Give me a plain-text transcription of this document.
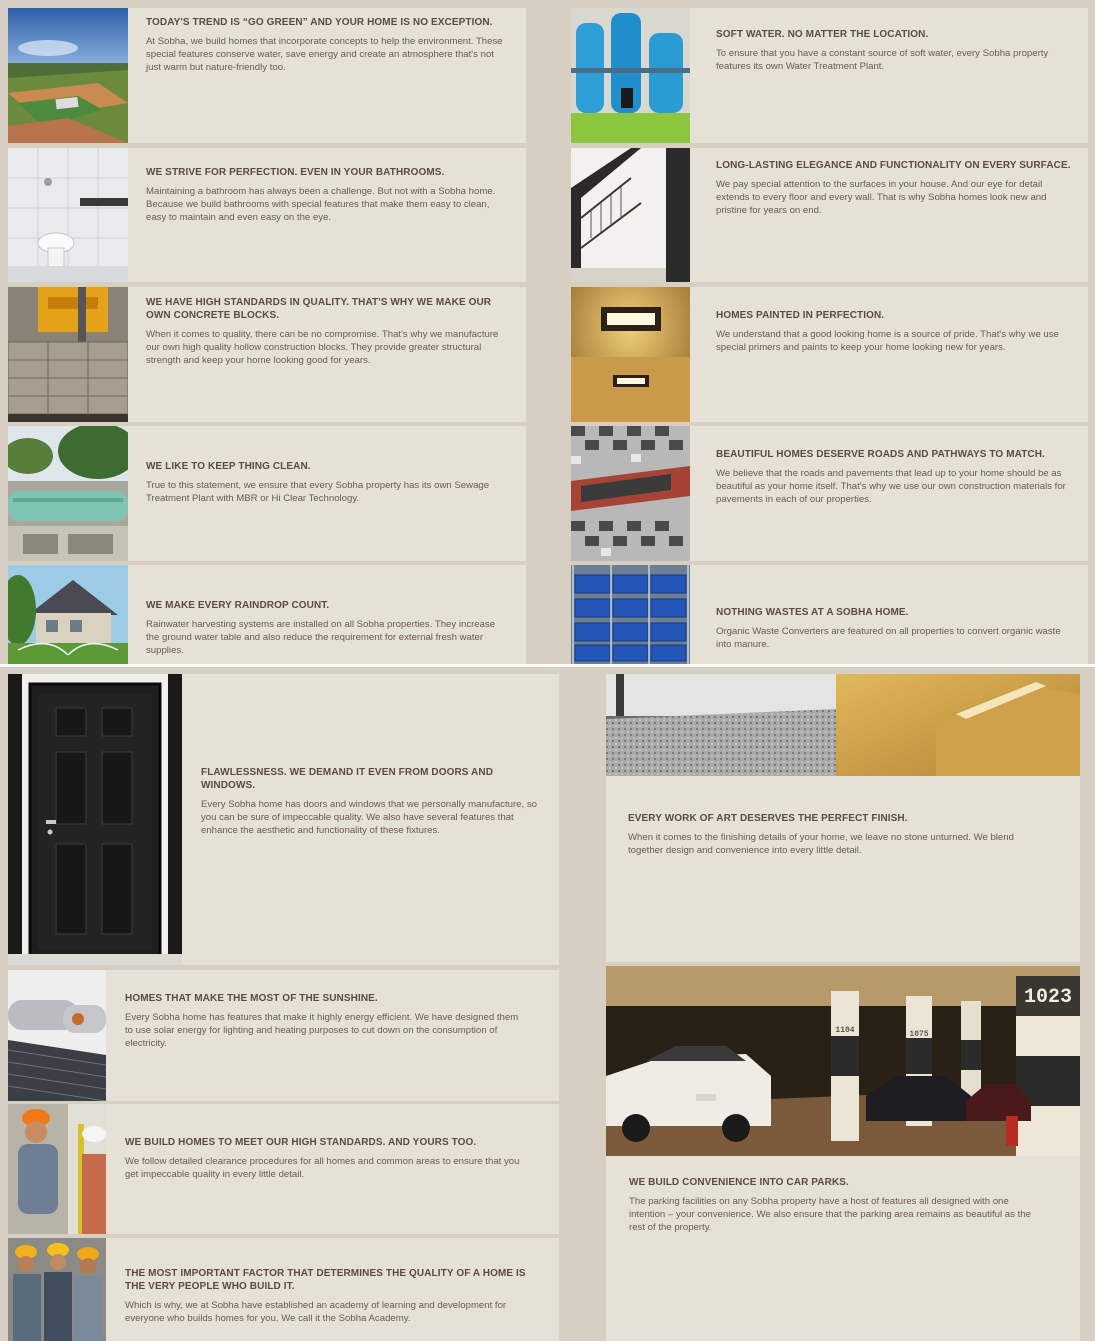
TODAY'S TREND IS “GO GREEN” AND YOUR HOME IS NO EXCEPTION.

At Sobha, we build homes that incorporate concepts to help the environment. These special features conserve water, save energy and create an atmosphere that's not just warm but nature-friendly too.

WE STRIVE FOR PERFECTION. EVEN IN YOUR BATHROOMS.

Maintaining a bathroom has always been a challenge. But not with a Sobha home. Because we build bathrooms with special features that make them easy to clean, easy to maintain and even easy on the eye.

WE HAVE HIGH STANDARDS IN QUALITY. THAT'S WHY WE MAKE OUR OWN CONCRETE BLOCKS.

When it comes to quality, there can be no compromise. That's why we manufacture our own high quality hollow construction blocks. They provide greater structural strength and keep your home looking good for years.

WE LIKE TO KEEP THING CLEAN.

True to this statement, we ensure that every Sobha property has its own Sewage Treatment Plant with MBR or Hi Clear Technology.

WE MAKE EVERY RAINDROP COUNT.

Rainwater harvesting systems are installed on all Sobha properties. They increase the ground water table and also reduce the requirement for external fresh water supplies.

SOFT WATER. NO MATTER THE LOCATION.

To ensure that you have a constant source of soft water, every Sobha property features its own Water Treatment Plant.

LONG-LASTING ELEGANCE AND FUNCTIONALITY ON EVERY SURFACE.

We pay special attention to the surfaces in your house. And our eye for detail extends to every floor and every wall. That is why Sobha homes look new and pristine for years on end.

HOMES PAINTED IN PERFECTION.

We understand that a good looking home is a source of pride. That's why we use special primers and paints to keep your home looking new for years.

BEAUTIFUL HOMES DESERVE ROADS AND PATHWAYS TO MATCH.

We believe that the roads and pavements that lead up to your home should be as beautiful as your home itself. That's why we use our own construction materials for pavements in each of our properties.

NOTHING WASTES AT A SOBHA HOME.

Organic Waste Converters are featured on all properties to convert organic waste into manure.

FLAWLESSNESS. WE DEMAND IT EVEN FROM DOORS AND WINDOWS.

Every Sobha home has doors and windows that we personally manufacture, so you can be sure of impeccable quality. We also have several features that enhance the aesthetic and functionality of these fixtures.

HOMES THAT MAKE THE MOST OF THE SUNSHINE.

Every Sobha home has features that make it highly energy efficient. We have designed them to use solar energy for lighting and heating purposes to cut down on the consumption of electricity.

WE BUILD HOMES TO MEET OUR HIGH STANDARDS. AND YOURS TOO.

We follow detailed clearance procedures for all homes and common areas to ensure that you get impeccable quality in every little detail.

THE MOST IMPORTANT FACTOR THAT DETERMINES THE QUALITY OF A HOME IS THE VERY PEOPLE WHO BUILD IT.

Which is why, we at Sobha have established an academy of learning and development for everyone who builds homes for you. We call it the Sobha Academy.

EVERY WORK OF ART DESERVES THE PERFECT FINISH.

When it comes to the finishing details of your home, we leave no stone unturned. We blend together design and convenience into every little detail.

1023
1104	1075

WE BUILD CONVENIENCE INTO CAR PARKS.

The parking facilities on any Sobha property have a host of features all designed with one intention – your convenience. We also ensure that the parking area remains as beautiful as the rest of the property.
